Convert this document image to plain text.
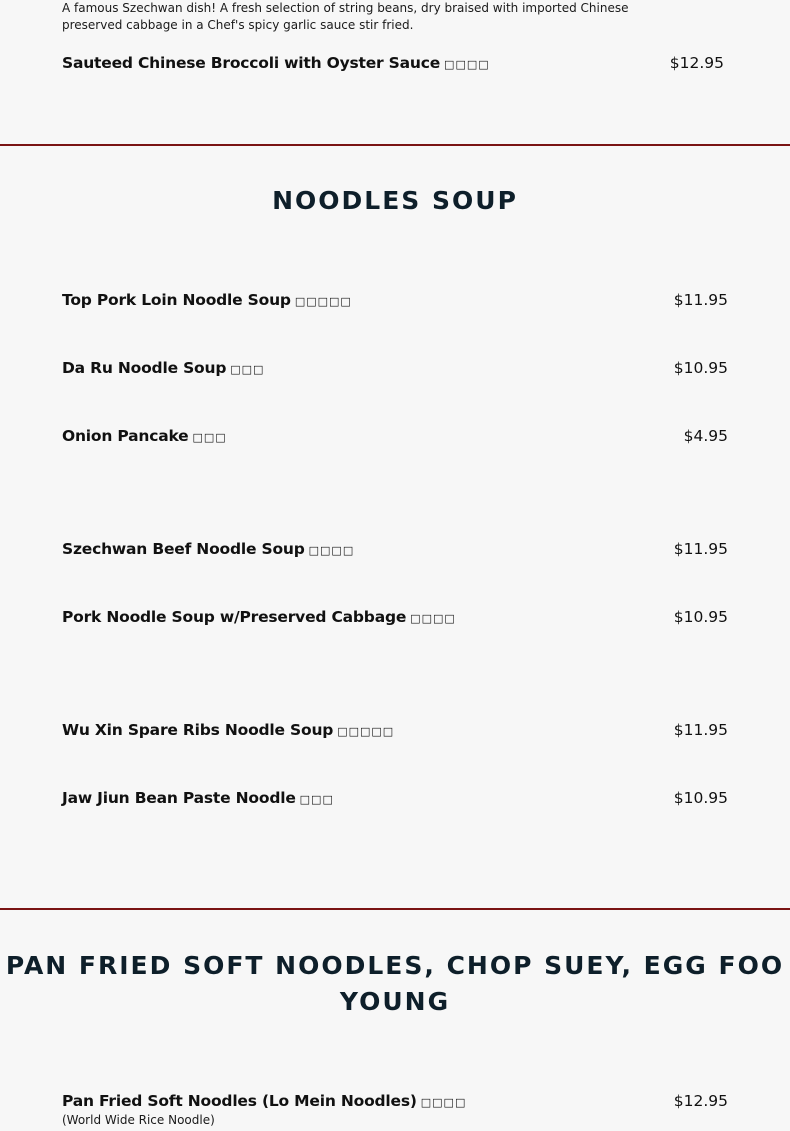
A famous Szechwan dish! A fresh selection of string beans, dry braised with imported Chinese preserved cabbage in a Chef's spicy garlic sauce stir fried.
Sauteed Chinese Broccoli with Oyster Sauce □□□□	$12.95
NOODLES SOUP
Top Pork Loin Noodle Soup □□□□□	$11.95
Da Ru Noodle Soup □□□	$10.95
Onion Pancake □□□	$4.95
Szechwan Beef Noodle Soup □□□□	$11.95
Pork Noodle Soup w/Preserved Cabbage □□□□	$10.95
Wu Xin Spare Ribs Noodle Soup □□□□□	$11.95
Jaw Jiun Bean Paste Noodle □□□	$10.95
PAN FRIED SOFT NOODLES, CHOP SUEY, EGG FOO
YOUNG
Pan Fried Soft Noodles (Lo Mein Noodles) □□□□	$12.95
(World Wide Rice Noodle)
